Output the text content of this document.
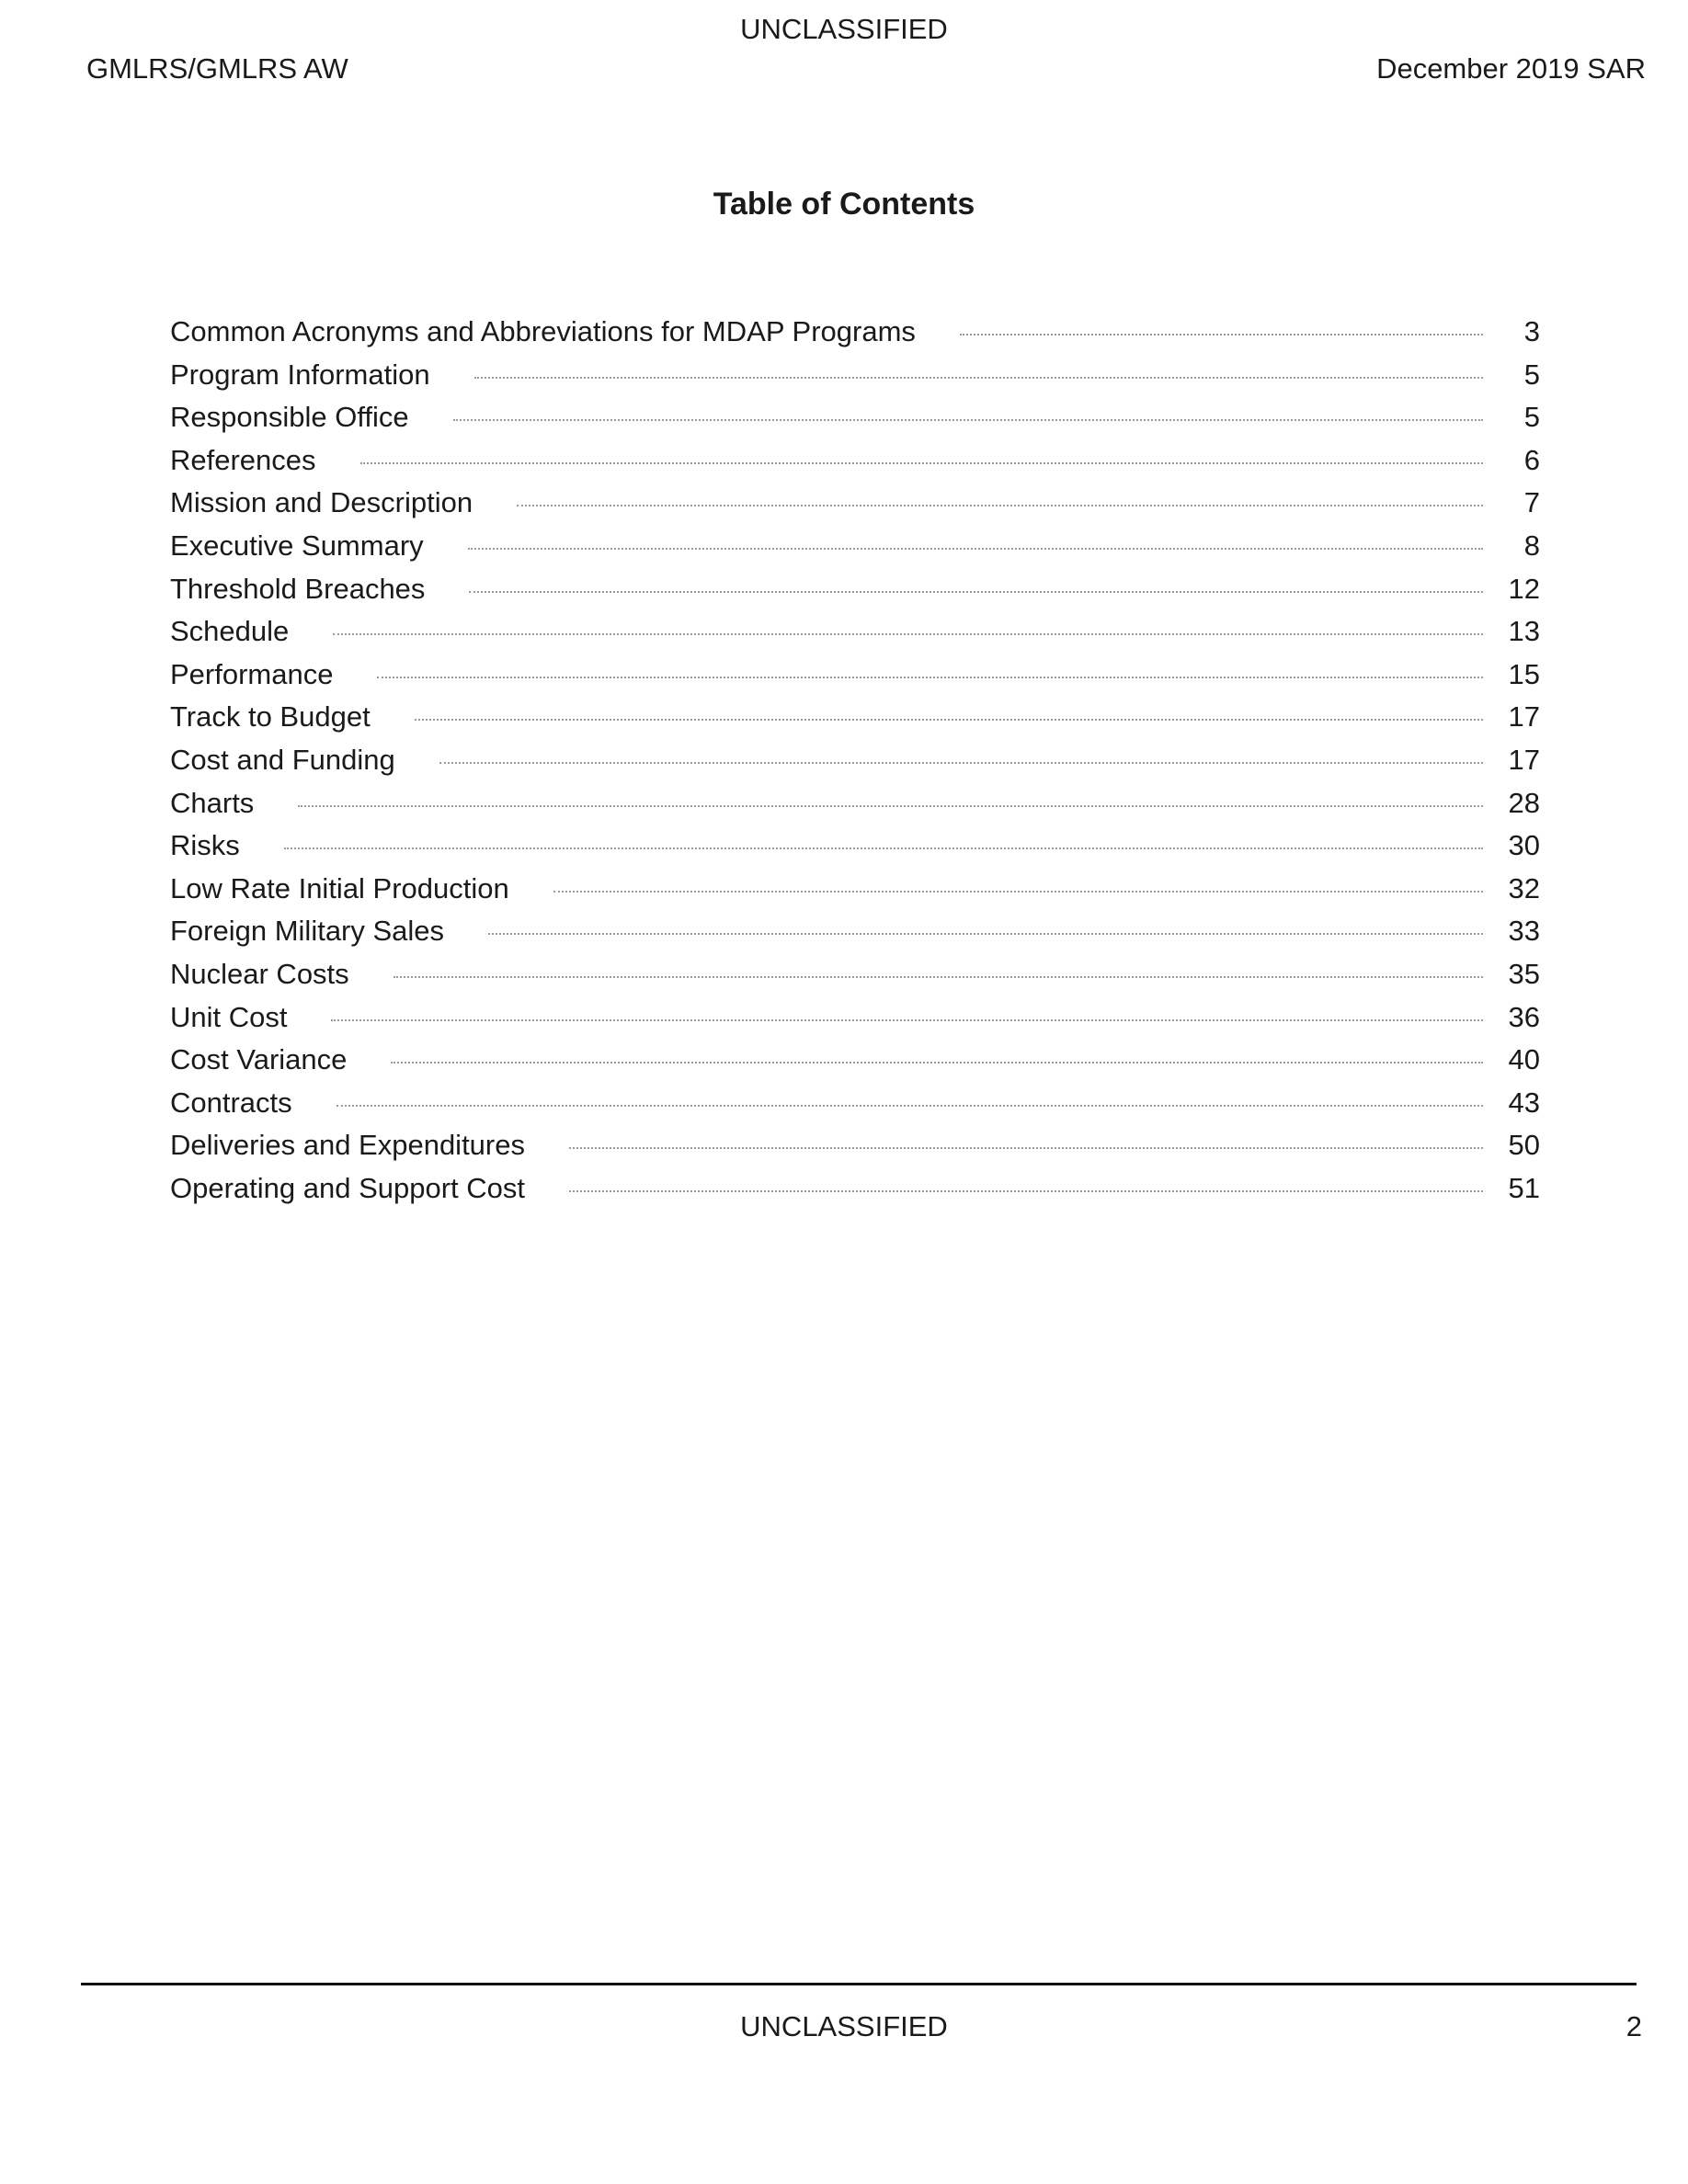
UNCLASSIFIED
GMLRS/GMLRS AW	December 2019 SAR
Table of Contents
Common Acronyms and Abbreviations for MDAP Programs	3
Program Information	5
Responsible Office	5
References	6
Mission and Description	7
Executive Summary	8
Threshold Breaches	12
Schedule	13
Performance	15
Track to Budget	17
Cost and Funding	17
Charts	28
Risks	30
Low Rate Initial Production	32
Foreign Military Sales	33
Nuclear Costs	35
Unit Cost	36
Cost Variance	40
Contracts	43
Deliveries and Expenditures	50
Operating and Support Cost	51
UNCLASSIFIED	2
